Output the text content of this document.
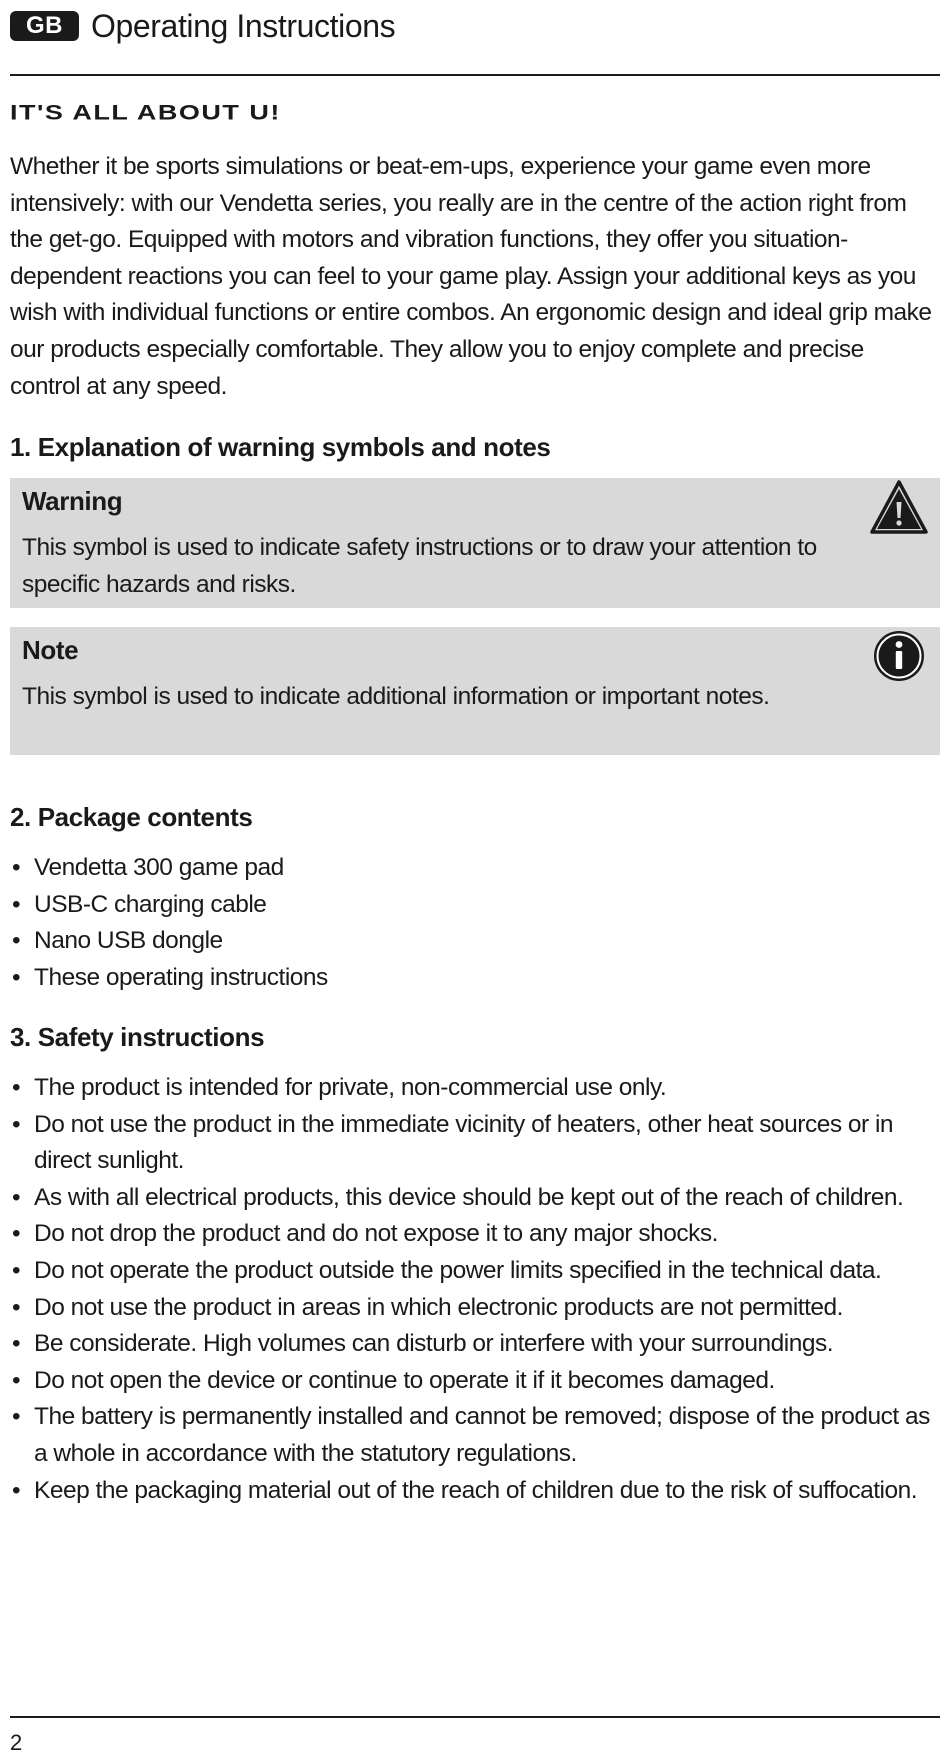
GB Operating Instructions
IT'S ALL ABOUT U!

Whether it be sports simulations or beat-em-ups, experience your game even more intensively: with our Vendetta series, you really are in the centre of the action right from the get-go. Equipped with motors and vibration functions, they offer you situation-dependent reactions you can feel to your game play. Assign your additional keys as you wish with individual functions or entire combos. An ergonomic design and ideal grip make our products especially comfortable. They allow you to enjoy complete and precise control at any speed.

1. Explanation of warning symbols and notes
Warning

This symbol is used to indicate safety instructions or to draw your attention to specific hazards and risks.

Note

This symbol is used to indicate additional information or important notes.

2. Package contents
• Vendetta 300 game pad
• USB-C charging cable
• Nano USB dongle
• These operating instructions
3. Safety instructions
• The product is intended for private, non-commercial use only.
• Do not use the product in the immediate vicinity of heaters, other heat sources or in direct sunlight.
• As with all electrical products, this device should be kept out of the reach of children.
• Do not drop the product and do not expose it to any major shocks.
• Do not operate the product outside the power limits specified in the technical data.
• Do not use the product in areas in which electronic products are not permitted.
• Be considerate. High volumes can disturb or interfere with your surroundings.
• Do not open the device or continue to operate it if it becomes damaged.
• The battery is permanently installed and cannot be removed; dispose of the product as a whole in accordance with the statutory regulations.
• Keep the packaging material out of the reach of children due to the risk of suffocation.
2
